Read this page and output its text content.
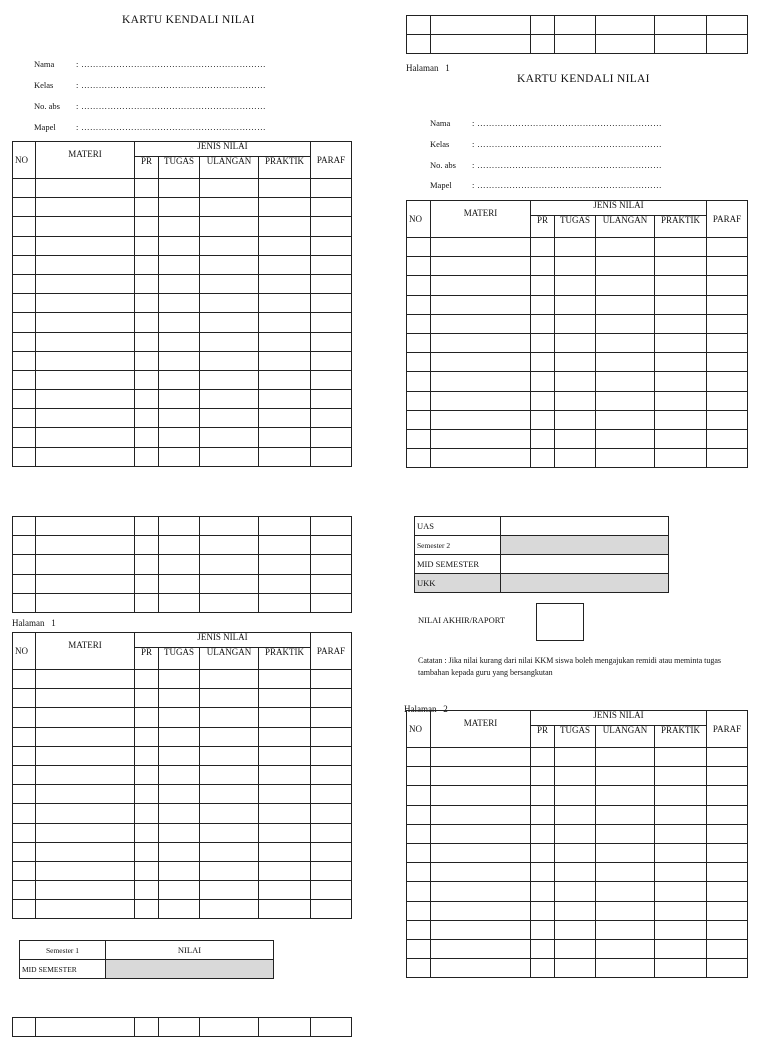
KARTU KENDALI NILAI
Nama	: ………………………………………………………
Kelas	: ………………………………………………………
No. abs : ………………………………………………………
Mapel : ………………………………………………………
NO	MATERI	JENIS NILAI				PARAF
		PR	TUGAS	ULANGAN	PRAKTIK	

Halaman 1
NO	MATERI	JENIS NILAI				PARAF
		PR	TUGAS	ULANGAN	PRAKTIK	

Semester 1	NILAI
MID SEMESTER	

Halaman 1
KARTU KENDALI NILAI
Nama	: ………………………………………………………
Kelas	: ………………………………………………………
No. abs : ………………………………………………………
Mapel : ………………………………………………………
NO	MATERI	JENIS NILAI				PARAF
		PR	TUGAS	ULANGAN	PRAKTIK	

UAS	
Semester 2	
MID SEMESTER	
UKK	
NILAI AKHIR/RAPORT
Catatan : Jika nilai kurang dari nilai KKM siswa boleh mengajukan remidi atau meminta tugas tambahan kepada guru yang bersangkutan
Halaman 2
NO	MATERI	JENIS NILAI				PARAF
		PR	TUGAS	ULANGAN	PRAKTIK	
